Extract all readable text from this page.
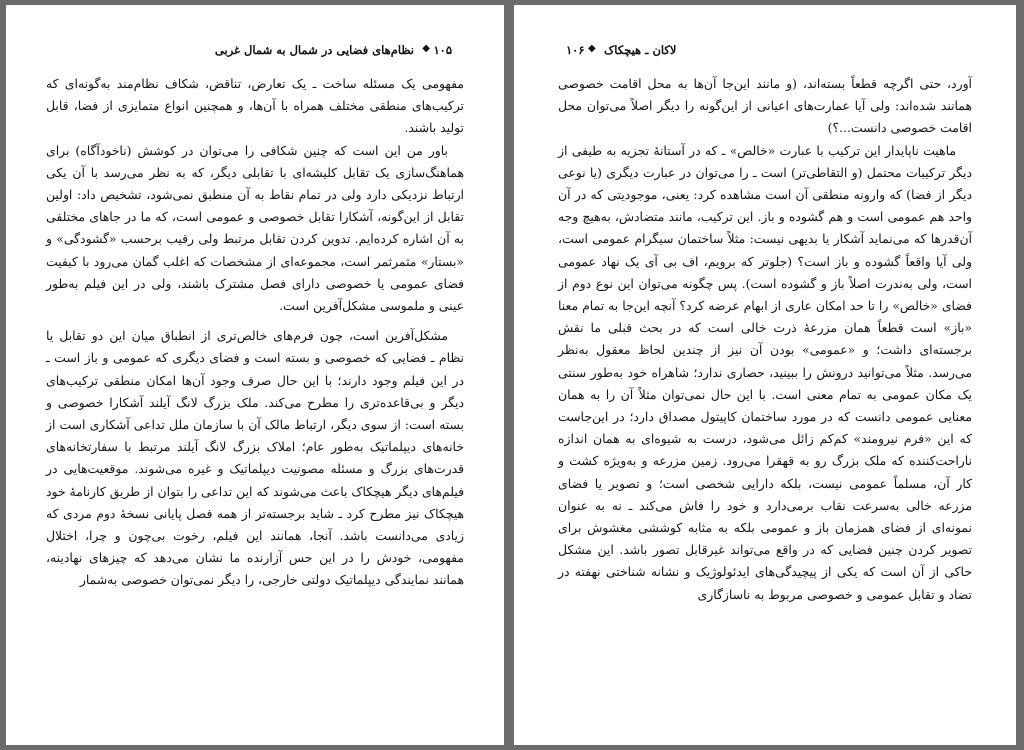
نظام‌های فضایی در شمال به شمال غربی ◆ ۱۰۵

مفهومی یک مسئله ساخت ـ یک تعارض، تناقض، شکاف نظام‌مند به‌گونه‌ای که ترکیب‌های منطقی مختلف همراه با آن‌ها، و همچنین انواع متمایزی از فضا، قابل تولید باشند.

باور من این است که چنین شکافی را می‌توان در کوشش (ناخودآگاه) برای هماهنگ‌سازی یک تقابل کلیشه‌ای با تقابلی دیگر، که به نظر می‌رسد با آن یکی ارتباط نزدیکی دارد ولی در تمام نقاط به آن منطبق نمی‌شود، تشخیص داد: اولین تقابل از این‌گونه، آشکارا تقابل خصوصی و عمومی است، که ما در جاهای مختلفی به آن اشاره کرده‌ایم. تدوین کردن تقابل مرتبط ولی رقیب برحسب «گشودگی» و «بستار» مثمرثمر است، مجموعه‌ای از مشخصات که اغلب گمان می‌رود با کیفیت فضای عمومی یا خصوصی دارای فصل مشترک باشند، ولی در این فیلم به‌طور عینی و ملموسی مشکل‌آفرین است.

مشکل‌آفرین است، چون فرم‌های خالص‌تری از انطباق میان این دو تقابل یا نظام ـ فضایی که خصوصی و بسته است و فضای دیگری که عمومی و باز است ـ در این فیلم وجود دارند؛ با این حال صرف وجود آن‌ها امکان منطقی ترکیب‌های دیگر و بی‌قاعده‌تری را مطرح می‌کند. ملک بزرگ لانگ آیلند آشکارا خصوصی و بسته است: از سوی دیگر، ارتباط مالک آن با سازمان ملل تداعی آشکاری است از خانه‌های دیپلماتیک به‌طور عام؛ املاک بزرگ لانگ آیلند مرتبط با سفارتخانه‌های قدرت‌های بزرگ و مسئله مصونیت دیپلماتیک و غیره می‌شوند. موقعیت‌هایی در فیلم‌های دیگر هیچکاک باعث می‌شوند که این تداعی را بتوان از طریق کارنامهٔ خود هیچکاک نیز مطرح کرد ـ شاید برجسته‌تر از همه فصل پایانی نسخهٔ دوم مردی که زیادی می‌دانست باشد. آنجا، همانند این فیلم، رخوت بی‌چون و چرا، اختلال مفهومی، خودش را در این حس آزارنده ما نشان می‌دهد که چیزهای نهادینه، همانند نمایندگی دیپلماتیک دولتی خارجی، را دیگر نمی‌توان خصوصی به‌شمار

۱۰۶ ◆ لاکان ـ هیچکاک

آورد، حتی اگرچه قطعاً بسته‌اند، (و مانند این‌جا آن‌ها به محل اقامت خصوصی همانند شده‌اند: ولی آیا عمارت‌های اعیانی از این‌گونه را دیگر اصلاً می‌توان محل اقامت خصوصی دانست...؟)

ماهیت ناپایدار این ترکیب با عبارت «خالص» ـ که در آستانهٔ تجزیه به طیفی از دیگر ترکیبات محتمل (و التقاطی‌تر) است ـ را می‌توان در عبارت دیگری (یا نوعی دیگر از فضا) که وارونه منطقی آن است مشاهده کرد: یعنی، موجودیتی که در آن واحد هم عمومی است و هم گشوده و باز. این ترکیب، مانند متضادش، به‌هیچ وجه آن‌قدرها که می‌نماید آشکار یا بدیهی نیست: مثلاً ساختمان سیگرام عمومی است، ولی آیا واقعاً گشوده و باز است؟ (جلوتر که برویم، اف بی آی یک نهاد عمومی است، ولی به‌ندرت اصلاً باز و گشوده است). پس چگونه می‌توان این نوع دوم از فضای «خالص» را تا حد امکان عاری از ابهام عرضه کرد؟ آنچه این‌جا به تمام معنا «باز» است قطعاً همان مزرعهٔ ذرت خالی است که در بحث قبلی ما نقش برجسته‌ای داشت؛ و «عمومی» بودن آن نیز از چندین لحاظ معقول به‌نظر می‌رسد. مثلاً می‌توانید درونش را ببینید، حصاری ندارد؛ شاهراه خود به‌طور سنتی یک مکان عمومی به تمام معنی است. با این حال نمی‌توان مثلاً آن را به همان معنایی عمومی دانست که در مورد ساختمان کاپیتول مصداق دارد؛ در این‌جاست که این «فرم نیرومند» کم‌کم زائل می‌شود، درست به شیوه‌ای به همان اندازه ناراحت‌کننده که ملک بزرگ رو به قهقرا می‌رود. زمین مزرعه و به‌ویژه کشت و کار آن، مسلماً عمومی نیست، بلکه دارایی شخصی است؛ و تصویر یا فضای مزرعه خالی به‌سرعت نقاب برمی‌دارد و خود را فاش می‌کند ـ نه به عنوان نمونه‌ای از فضای همزمان باز و عمومی بلکه به مثابه کوششی مغشوش برای تصویر کردن چنین فضایی که در واقع می‌تواند غیرقابل تصور باشد. این مشکل حاکی از آن است که یکی از پیچیدگی‌های ایدئولوژیک و نشانه شناختی نهفته در تضاد و تقابل عمومی و خصوصی مربوط به ناسازگاری
